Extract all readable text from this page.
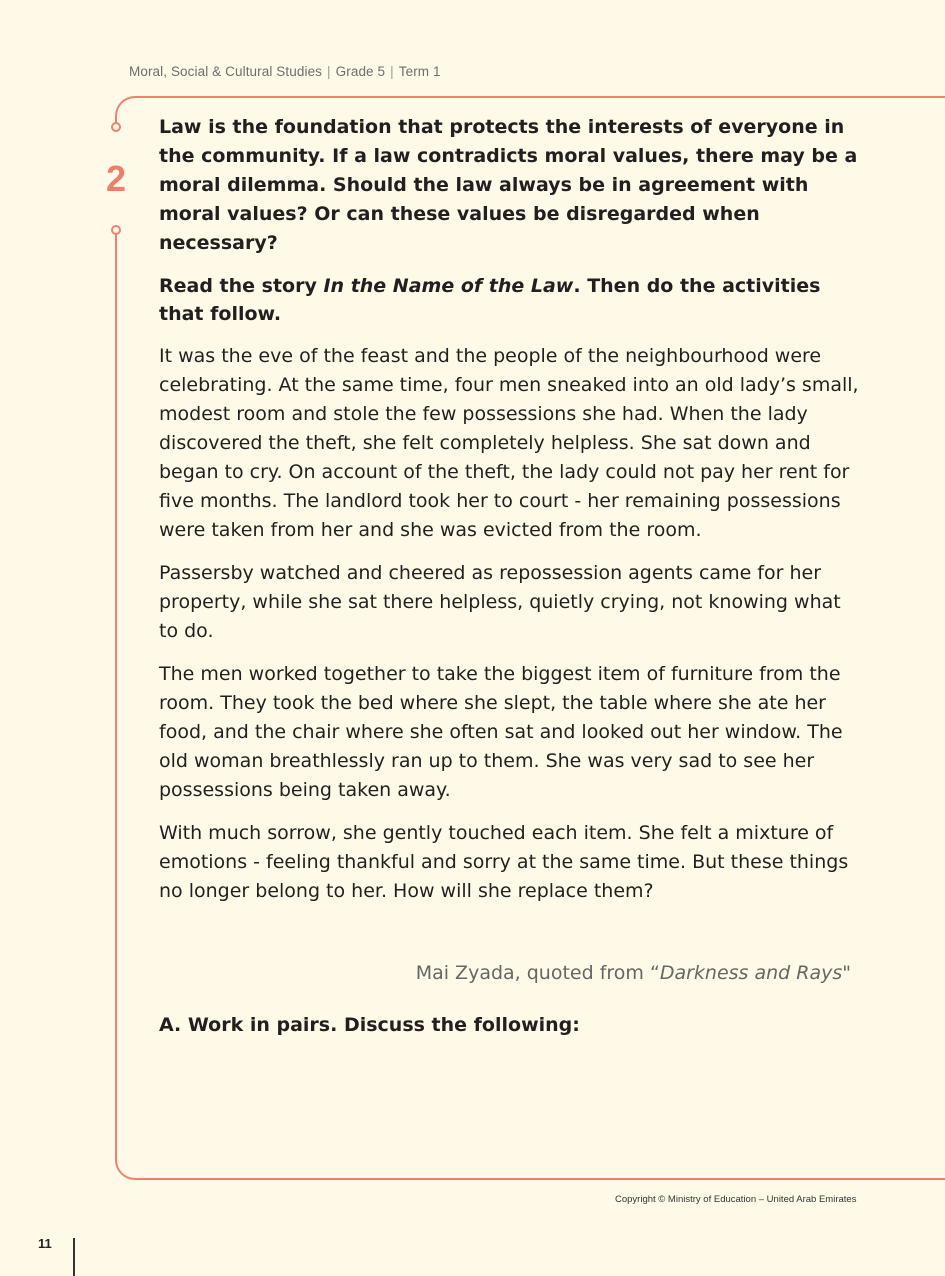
Moral, Social & Cultural Studies | Grade 5 | Term 1
2

Law is the foundation that protects the interests of everyone in the community. If a law contradicts moral values, there may be a moral dilemma. Should the law always be in agreement with moral values? Or can these values be disregarded when necessary?

Read the story In the Name of the Law. Then do the activities that follow.

It was the eve of the feast and the people of the neighbourhood were celebrating. At the same time, four men sneaked into an old lady’s small, modest room and stole the few possessions she had. When the lady discovered the theft, she felt completely helpless. She sat down and began to cry. On account of the theft, the lady could not pay her rent for five months. The landlord took her to court - her remaining possessions were taken from her and she was evicted from the room.

Passersby watched and cheered as repossession agents came for her property, while she sat there helpless, quietly crying, not knowing what to do.

The men worked together to take the biggest item of furniture from the room. They took the bed where she slept, the table where she ate her food, and the chair where she often sat and looked out her window. The old woman breathlessly ran up to them. She was very sad to see her possessions being taken away.

With much sorrow, she gently touched each item. She felt a mixture of emotions - feeling thankful and sorry at the same time. But these things no longer belong to her. How will she replace them?

Mai Zyada, quoted from “Darkness and Rays"

A. Work in pairs. Discuss the following:

Copyright © Ministry of Education – United Arab Emirates
11
